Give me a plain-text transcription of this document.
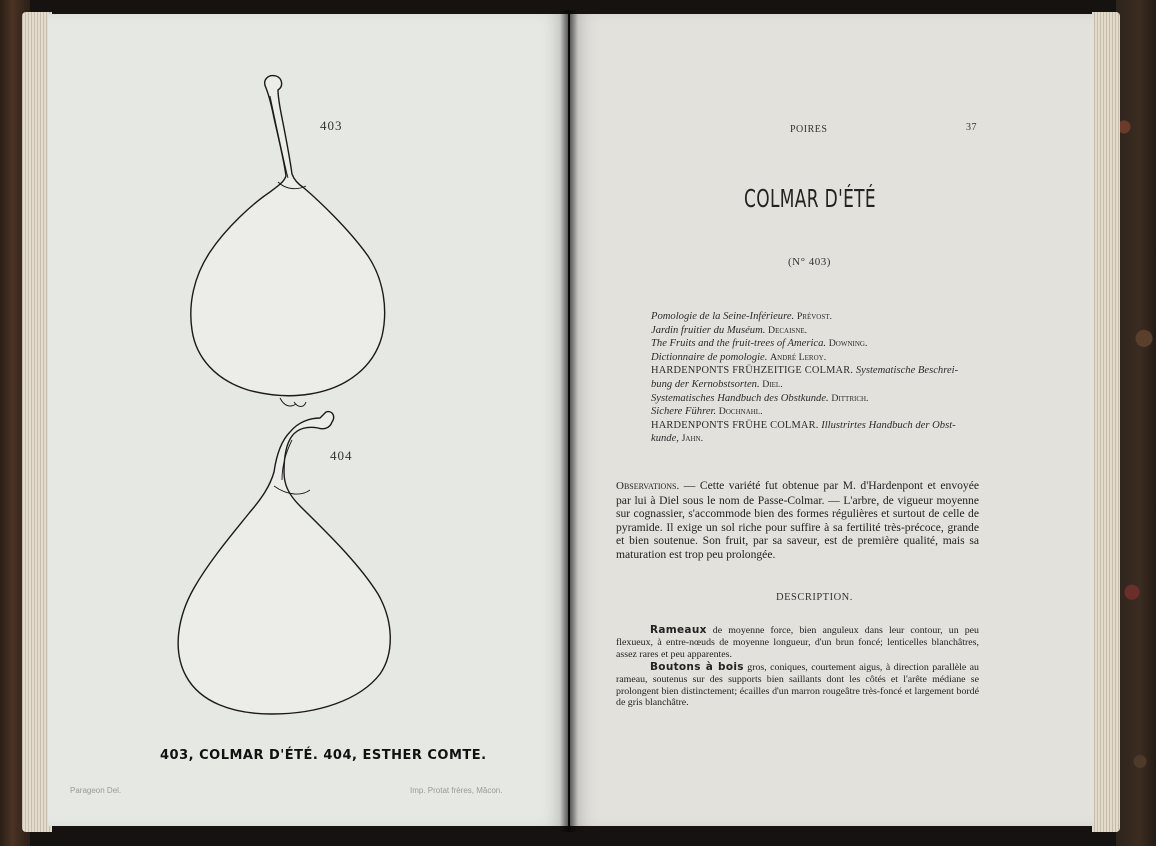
403
404
403, COLMAR D'ÉTÉ. 404, ESTHER COMTE.
Parageon Del.	Imp. Protat frères, Mâcon.
POIRES	37
COLMAR D'ÉTÉ
(N° 403)
Pomologie de la Seine-Inférieure. Prévost.
Jardin fruitier du Muséum. Decaisne.
The Fruits and the fruit-trees of America. Downing.
Dictionnaire de pomologie. André Leroy.
HARDENPONTS FRÜHZEITIGE COLMAR. Systematische Beschrei-
bung der Kernobstsorten. Diel.
Systematisches Handbuch des Obstkunde. Dittrich.
Sichere Führer. Dochnahl.
HARDENPONTS FRÜHE COLMAR. Illustrirtes Handbuch der Obst-
kunde, Jahn.
Observations. — Cette variété fut obtenue par M. d'Hardenpont et envoyée par lui à Diel sous le nom de Passe-Colmar. — L'arbre, de vigueur moyenne sur cognassier, s'accommode bien des formes régulières et surtout de celle de pyramide. Il exige un sol riche pour suffire à sa fertilité très-précoce, grande et bien soutenue. Son fruit, par sa saveur, est de première qualité, mais sa maturation est trop peu prolongée.
DESCRIPTION.
Rameaux de moyenne force, bien anguleux dans leur contour, un peu flexueux, à entre-nœuds de moyenne longueur, d'un brun foncé; lenticelles blanchâtres, assez rares et peu apparentes.
Boutons à bois gros, coniques, courtement aigus, à direction parallèle au rameau, soutenus sur des supports bien saillants dont les côtés et l'arête médiane se prolongent bien distinctement; écailles d'un marron rougeâtre très-foncé et largement bordé de gris blanchâtre.
